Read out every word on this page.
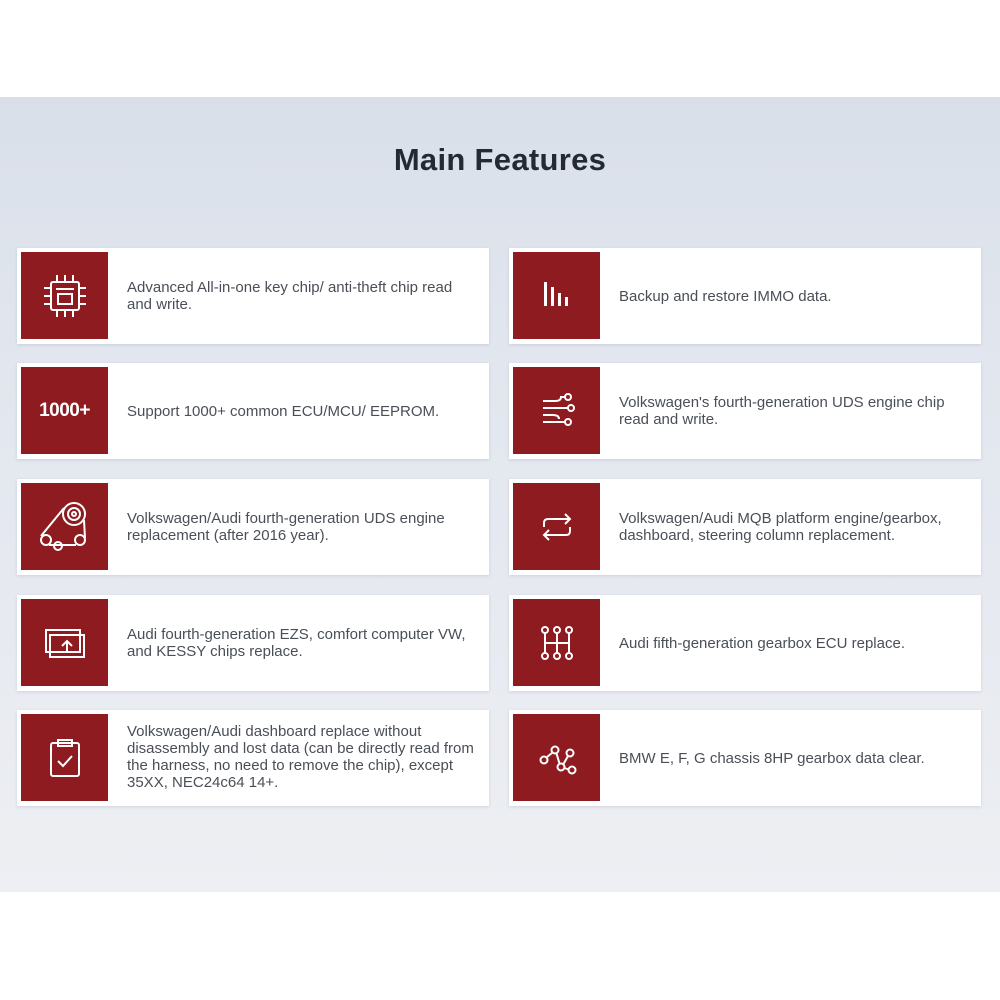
Main Features
Advanced All-in-one key chip/ anti-theft chip read and write.	Backup and restore IMMO data.
1000+ Support 1000+ common ECU/MCU/ EEPROM.	Volkswagen's fourth-generation UDS engine chip read and write.
Volkswagen/Audi fourth-generation UDS engine replacement (after 2016 year).
Volkswagen/Audi MQB platform engine/gearbox, dashboard, steering column replacement.
Audi fourth-generation EZS, comfort computer VW, and KESSY chips replace.	Audi fifth-generation gearbox ECU replace.
Volkswagen/Audi dashboard replace without disassembly and lost data (can be directly read from the harness, no need to remove the chip), except 35XX, NEC24c64 14+.
BMW E, F, G chassis 8HP gearbox data clear.
